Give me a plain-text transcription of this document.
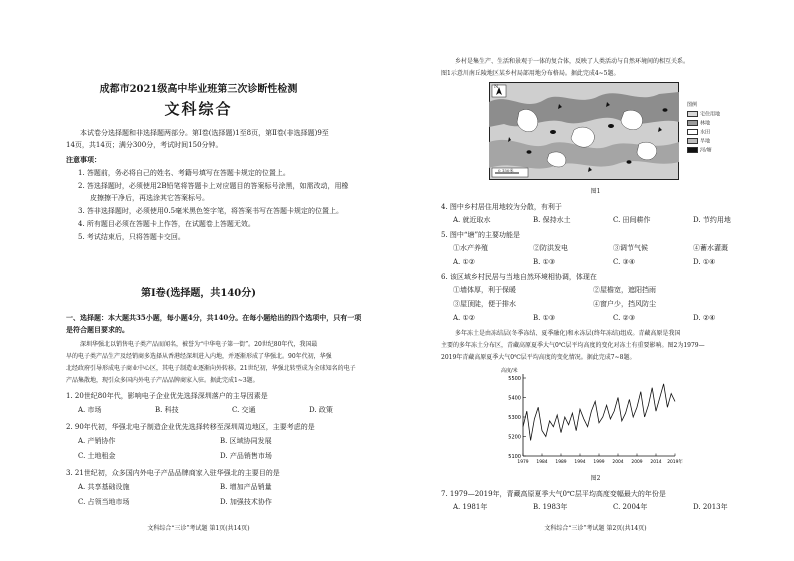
成都市2021级高中毕业班第三次诊断性检测
文科综合
本试卷分选择题和非选择题两部分。第Ⅰ卷(选择题)1至8页，第Ⅱ卷(非选择题)9至
14页，共14页；满分300分，考试时间150分钟。
注意事项：
1. 答题前，务必将自己的姓名、考籍号填写在答题卡规定的位置上。
2. 答选择题时，必须使用2B铅笔将答题卡上对应题目的答案标号涂黑，如需改动，用橡
皮擦擦干净后，再选涂其它答案标号。
3. 答非选择题时，必须使用0.5毫米黑色签字笔，将答案书写在答题卡规定的位置上。
4. 所有题目必须在答题卡上作答，在试题卷上答题无效。
5. 考试结束后，只将答题卡交回。
第Ⅰ卷(选择题，共140分)
一、选择题：本大题共35小题，每小题4分，共140分。在每小题给出的四个选项中，只有一项
是符合题目要求的。
深圳华强北以销售电子类产品而闻名，被誉为“中华电子第一街”。20世纪80年代，我国最
早的电子类产品生产及经销商多选择从香港经深圳进入内地，并逐渐形成了华强北。90年代初，华强
北经政府引导形成电子商业中心区，其电子制造业逐渐向外转移。21世纪初，华强北转型成为全球知名的电子
产品集散地，现引众多国内外电子产品品牌商家入驻。据此完成1~3题。
1. 20世纪80年代，影响电子企业优先选择深圳落户的主导因素是
A. 市场	B. 科技	C. 交通	D. 政策
2. 90年代初，华强北电子制造企业优先选择转移至深圳周边地区，主要考虑的是
A. 产销协作	B. 区域协同发展
C. 土地租金	D. 产品销售市场
3. 21世纪初，众多国内外电子产品品牌商家入驻华强北的主要目的是
A. 共享基础设施	B. 增加产品销量
C. 占领当地市场	D. 加强技术协作
文科综合“三诊”考试题 第1页(共14页)
乡村是集生产、生活和景观于一体的复合体，反映了人类活动与自然环境间的相互关系。
图1示意川南丘陵地区某乡村局部用地分布格局。据此完成4~5题。
N
0 150米
图例
宅住用地
林地
水田
旱地
河/塘
图1
4. 图中乡村居住用地较为分散，有利于
A. 就近取水	B. 保持水土	C. 田间耕作	D. 节约用地
5. 图中“塘”的主要功能是
①水产养殖	②防洪发电	③调节气候	④蓄水灌溉
A. ①②	B. ①③	C. ③④	D. ①④
6. 该区域乡村民居与当地自然环境相协调，体现在
①墙体厚，利于保暖	②屋檐宽，遮阳挡雨
③屋顶陡，便于排水	④窗户少，挡风防尘
A. ①②	B. ①③	C. ②③	D. ②④
多年冻土是由冻结层(冬季冻结、夏季融化)和永冻层(终年冻结)组成。青藏高原是我国
主要的多年冻土分布区，青藏高原夏季大气0℃层平均高度的变化对冻土有重要影响。图2为1979—
2019年青藏高原夏季大气0℃层平均高度的变化情况。据此完成7~8题。
5100
5200
5300
5400
5500
1979 1984 1989 1994 1999 2004 2009 2014 2019年
高度/米
图2
7. 1979—2019年，青藏高原夏季大气0℃层平均高度变幅最大的年份是
A. 1981年	B. 1983年	C. 2004年	D. 2013年
文科综合“三诊”考试题 第2页(共14页)
